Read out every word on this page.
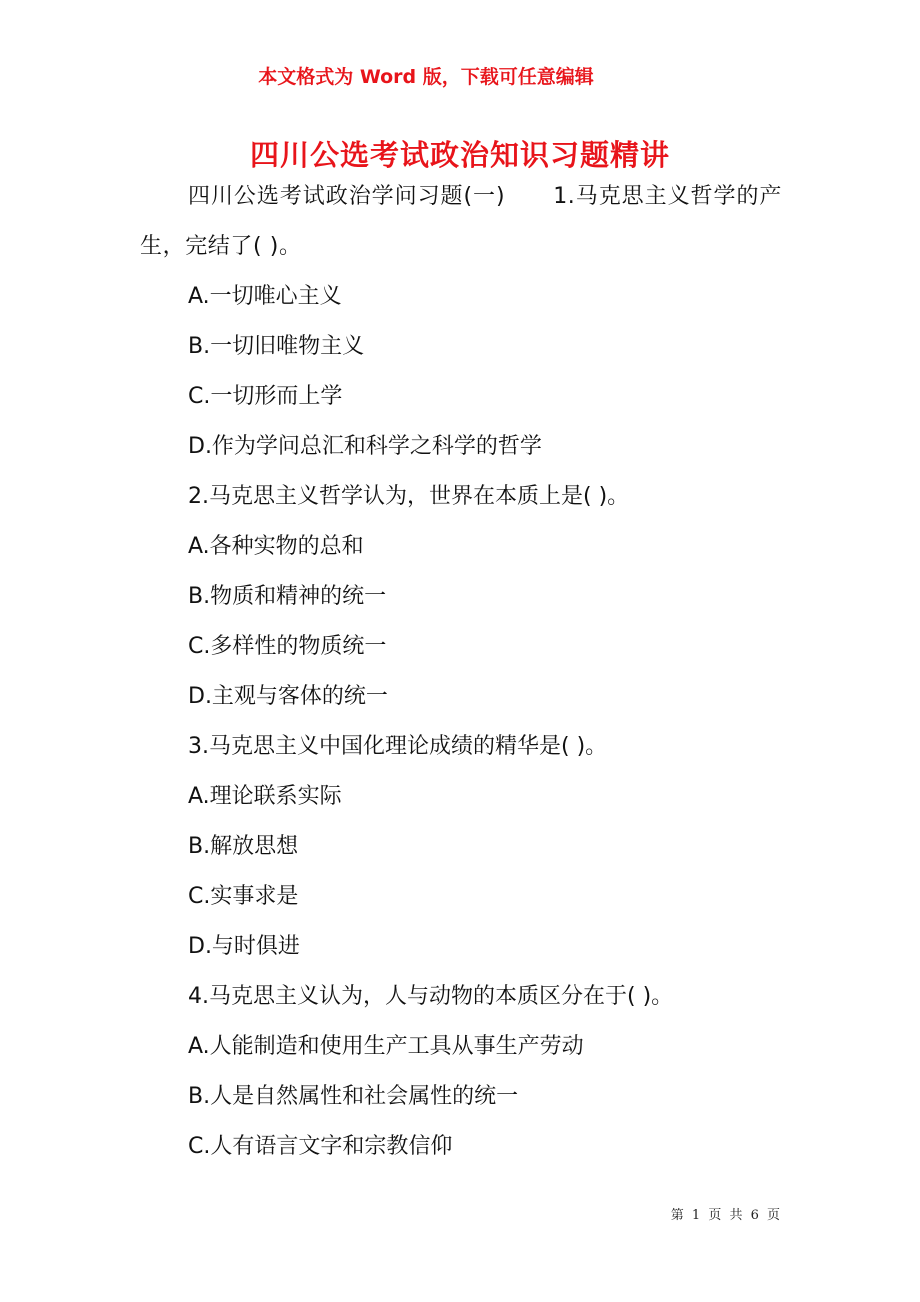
本文格式为 Word 版，下载可任意编辑
四川公选考试政治知识习题精讲

四川公选考试政治学问习题(一) 1.马克思主义哲学的产生，完结了( )。

A.一切唯心主义

B.一切旧唯物主义

C.一切形而上学

D.作为学问总汇和科学之科学的哲学

2.马克思主义哲学认为，世界在本质上是( )。

A.各种实物的总和

B.物质和精神的统一

C.多样性的物质统一

D.主观与客体的统一

3.马克思主义中国化理论成绩的精华是( )。

A.理论联系实际

B.解放思想

C.实事求是

D.与时俱进

4.马克思主义认为，人与动物的本质区分在于( )。

A.人能制造和使用生产工具从事生产劳动

B.人是自然属性和社会属性的统一

C.人有语言文字和宗教信仰

第 1 页 共 6 页
